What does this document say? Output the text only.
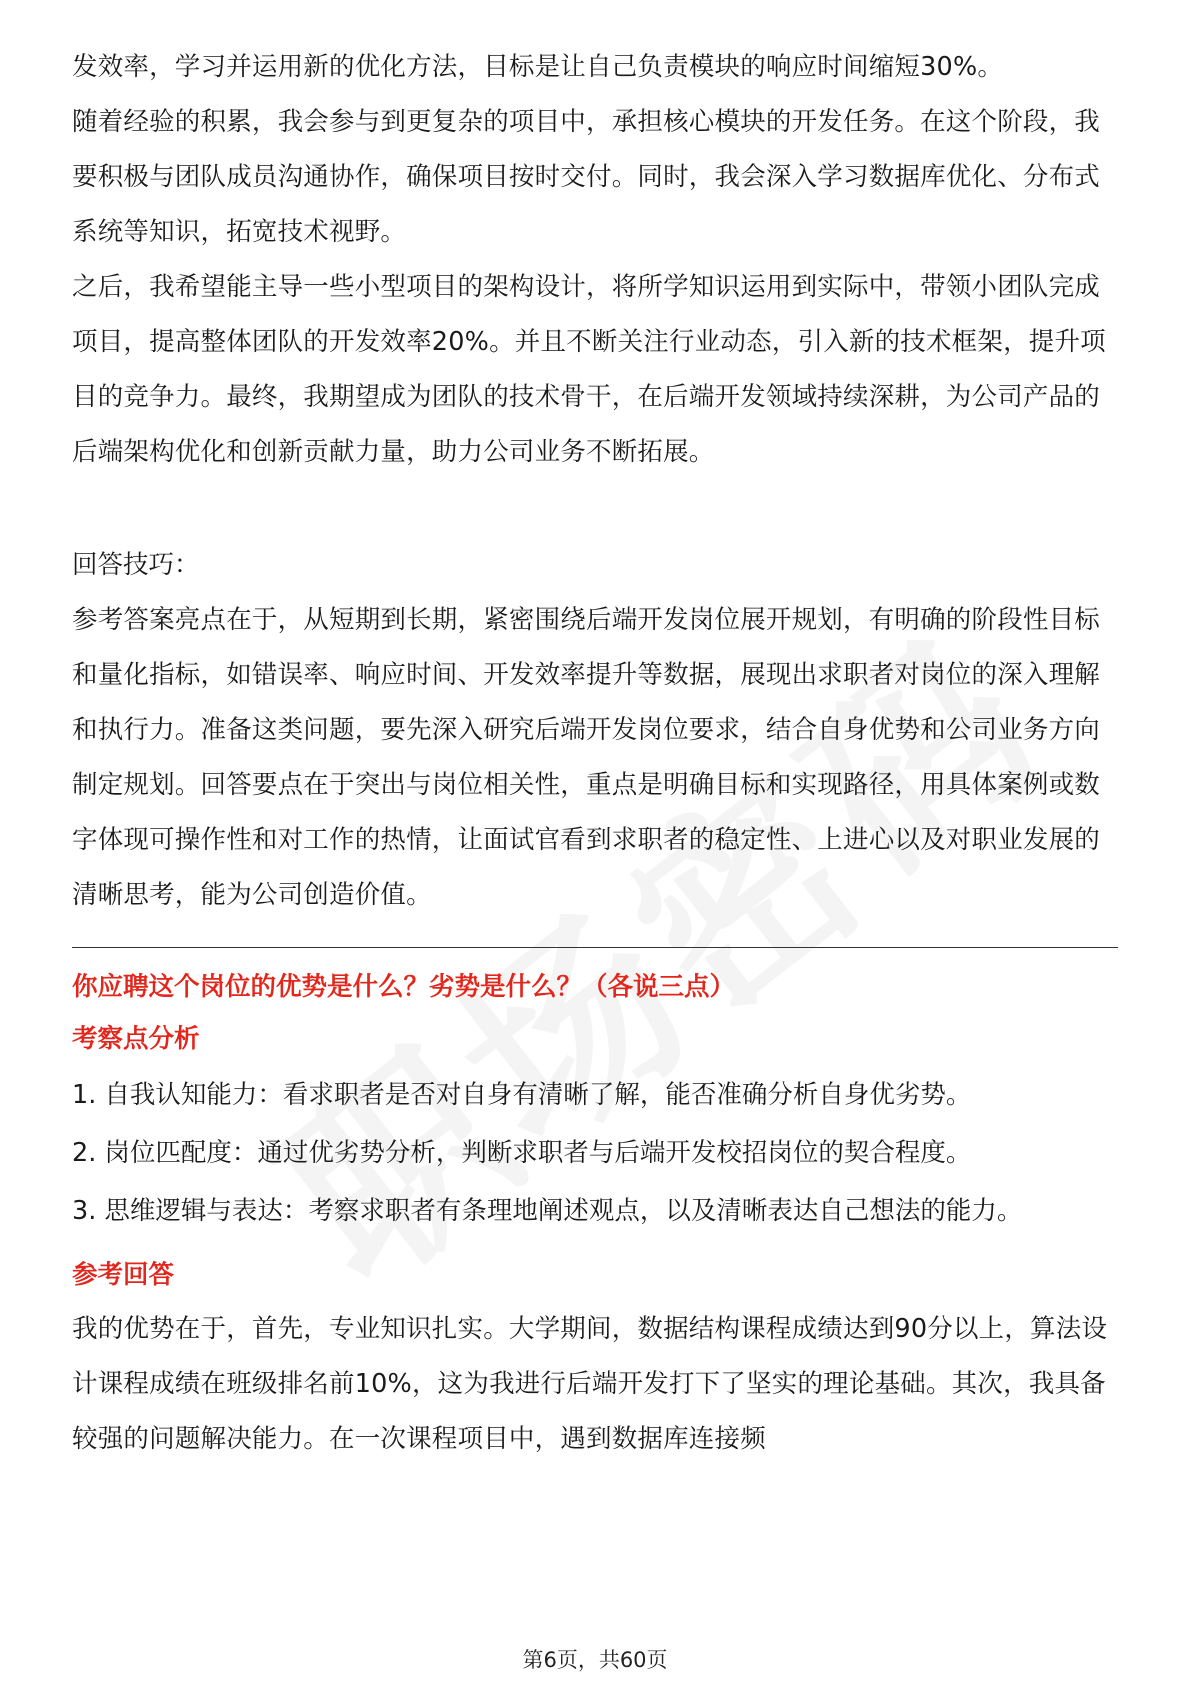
发效率，学习并运用新的优化方法，目标是让自己负责模块的响应时间缩短30%。

随着经验的积累，我会参与到更复杂的项目中，承担核心模块的开发任务。在这个阶段，我要积极与团队成员沟通协作，确保项目按时交付。同时，我会深入学习数据库优化、分布式系统等知识，拓宽技术视野。

之后，我希望能主导一些小型项目的架构设计，将所学知识运用到实际中，带领小团队完成项目，提高整体团队的开发效率20%。并且不断关注行业动态，引入新的技术框架，提升项目的竞争力。最终，我期望成为团队的技术骨干，在后端开发领域持续深耕，为公司产品的后端架构优化和创新贡献力量，助力公司业务不断拓展。

回答技巧：

参考答案亮点在于，从短期到长期，紧密围绕后端开发岗位展开规划，有明确的阶段性目标和量化指标，如错误率、响应时间、开发效率提升等数据，展现出求职者对岗位的深入理解和执行力。准备这类问题，要先深入研究后端开发岗位要求，结合自身优势和公司业务方向制定规划。回答要点在于突出与岗位相关性，重点是明确目标和实现路径，用具体案例或数字体现可操作性和对工作的热情，让面试官看到求职者的稳定性、上进心以及对职业发展的清晰思考，能为公司创造价值。

你应聘这个岗位的优势是什么？劣势是什么？（各说三点）

考察点分析

1. 自我认知能力：看求职者是否对自身有清晰了解，能否准确分析自身优劣势。

2. 岗位匹配度：通过优劣势分析，判断求职者与后端开发校招岗位的契合程度。

3. 思维逻辑与表达：考察求职者有条理地阐述观点，以及清晰表达自己想法的能力。

参考回答

我的优势在于，首先，专业知识扎实。大学期间，数据结构课程成绩达到90分以上，算法设计课程成绩在班级排名前10%，这为我进行后端开发打下了坚实的理论基础。其次，我具备较强的问题解决能力。在一次课程项目中，遇到数据库连接频

第6页，共60页
